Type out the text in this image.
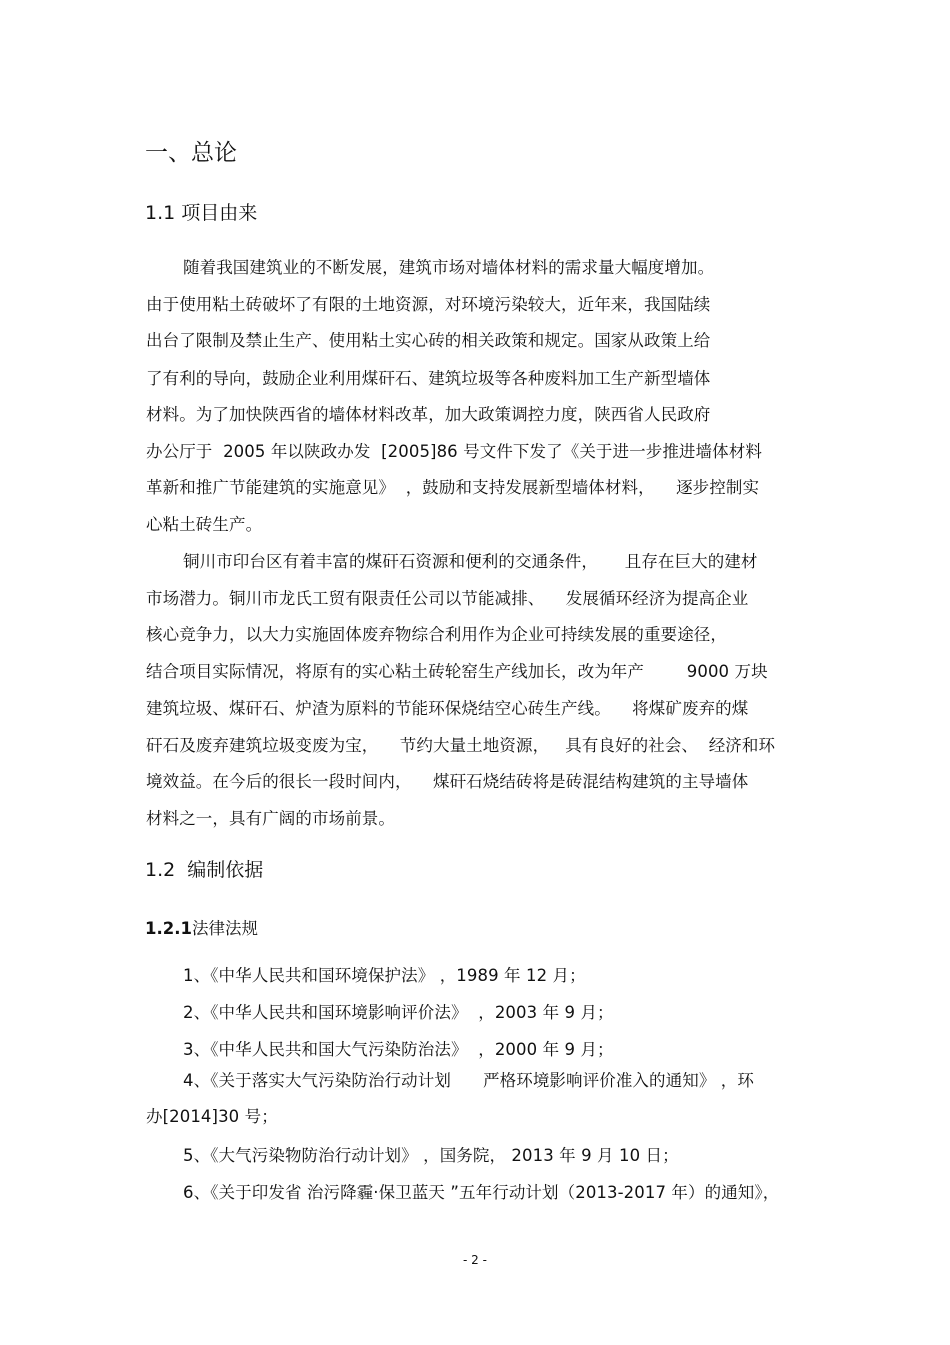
一、总论
1.1 项目由来
随着我国建筑业的不断发展，建筑市场对墙体材料的需求量大幅度增加。
由于使用粘土砖破坏了有限的土地资源，对环境污染较大，近年来，我国陆续
出台了限制及禁止生产、使用粘土实心砖的相关政策和规定。国家从政策上给
了有利的导向，鼓励企业利用煤矸石、建筑垃圾等各种废料加工生产新型墙体
材料。为了加快陕西省的墙体材料改革，加大政策调控力度，陕西省人民政府
办公厅于  2005 年以陕政办发  [2005]86 号文件下发了《关于进一步推进墙体材料
革新和推广节能建筑的实施意见》  ，鼓励和支持发展新型墙体材料，    逐步控制实
心粘土砖生产。
铜川市印台区有着丰富的煤矸石资源和便利的交通条件，     且存在巨大的建材
市场潜力。铜川市龙氏工贸有限责任公司以节能减排、    发展循环经济为提高企业
核心竞争力，以大力实施固体废弃物综合利用作为企业可持续发展的重要途径，
结合项目实际情况，将原有的实心粘土砖轮窑生产线加长，改为年产        9000 万块
建筑垃圾、煤矸石、炉渣为原料的节能环保烧结空心砖生产线。    将煤矿废弃的煤
矸石及废弃建筑垃圾变废为宝，    节约大量土地资源，   具有良好的社会、  经济和环
境效益。在今后的很长一段时间内，    煤矸石烧结砖将是砖混结构建筑的主导墙体
材料之一，具有广阔的市场前景。
1.2  编制依据
1.2.1法律法规
1、《中华人民共和国环境保护法》 ，1989 年 12 月；
2、《中华人民共和国环境影响评价法》  ，2003 年 9 月；
3、《中华人民共和国大气污染防治法》  ，2000 年 9 月；
4、《关于落实大气污染防治行动计划      严格环境影响评价准入的通知》 ，环
办[2014]30 号；
5、《大气污染物防治行动计划》 ，国务院， 2013 年 9 月 10 日；
6、《关于印发省 治污降霾·保卫蓝天 ”五年行动计划（2013-2017 年）的通知》，
- 2 -
